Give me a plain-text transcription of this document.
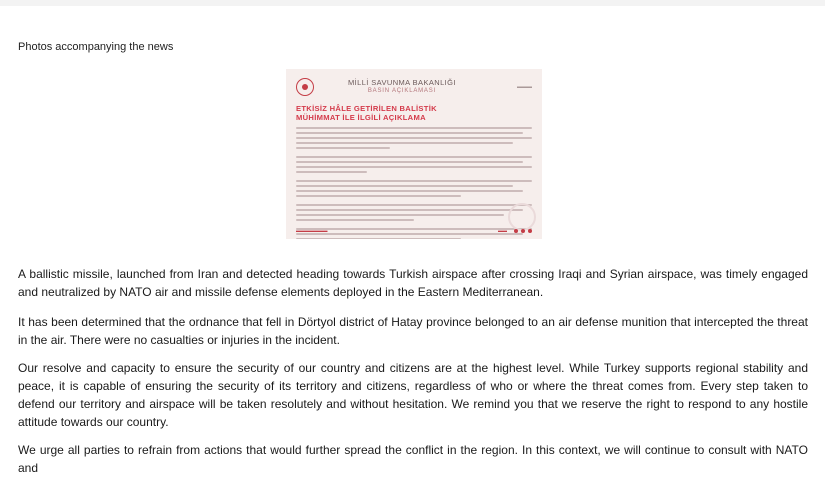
Photos accompanying the news
MİLLİ SAVUNMA BAKANLIĞI
BASIN AÇIKLAMASI
▬▬▬
ETKİSİZ HÂLE GETİRİLEN BALİSTİK
MÜHİMMAT İLE İLGİLİ AÇIKLAMA
▬▬▬▬▬▬▬	▬▬

A ballistic missile, launched from Iran and detected heading towards Turkish airspace after crossing Iraqi and Syrian airspace, was timely engaged and neutralized by NATO air and missile defense elements deployed in the Eastern Mediterranean.

It has been determined that the ordnance that fell in Dörtyol district of Hatay province belonged to an air defense munition that intercepted the threat in the air. There were no casualties or injuries in the incident.

Our resolve and capacity to ensure the security of our country and citizens are at the highest level. While Turkey supports regional stability and peace, it is capable of ensuring the security of its territory and citizens, regardless of who or where the threat comes from. Every step taken to defend our territory and airspace will be taken resolutely and without hesitation. We remind you that we reserve the right to respond to any hostile attitude towards our country.

We urge all parties to refrain from actions that would further spread the conflict in the region. In this context, we will continue to consult with NATO and
